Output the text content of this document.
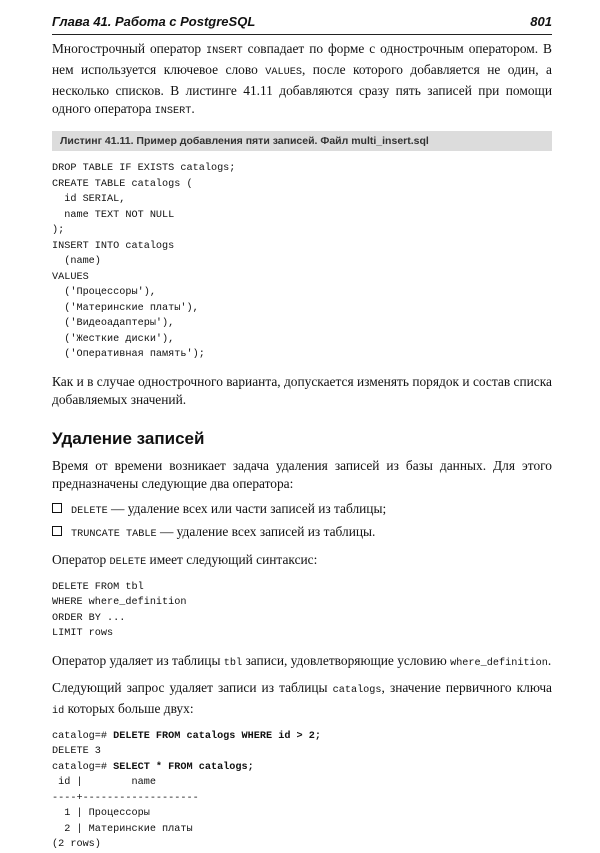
Глава 41. Работа с PostgreSQL	801

Многострочный оператор INSERT совпадает по форме с однострочным оператором. В нем используется ключевое слово VALUES, после которого добавляется не один, а несколько списков. В листинге 41.11 добавляются сразу пять записей при помощи одного оператора INSERT.

Листинг 41.11. Пример добавления пяти записей. Файл multi_insert.sql
DROP TABLE IF EXISTS catalogs;
CREATE TABLE catalogs (
id SERIAL,
name TEXT NOT NULL
);
INSERT INTO catalogs
(name)
VALUES
('Процессоры'),
('Материнские платы'),
('Видеоадаптеры'),
('Жесткие диски'),
('Оперативная память');

Как и в случае однострочного варианта, допускается изменять порядок и состав списка добавляемых значений.

Удаление записей

Время от времени возникает задача удаления записей из базы данных. Для этого предназначены следующие два оператора:

DELETE — удаление всех или части записей из таблицы;
TRUNCATE TABLE — удаление всех записей из таблицы.

Оператор DELETE имеет следующий синтаксис:

DELETE FROM tbl
WHERE where_definition
ORDER BY ...
LIMIT rows

Оператор удаляет из таблицы tbl записи, удовлетворяющие условию where_definition.

Следующий запрос удаляет записи из таблицы catalogs, значение первичного ключа id которых больше двух:

catalog=# DELETE FROM catalogs WHERE id > 2;
DELETE 3
catalog=# SELECT * FROM catalogs;
id |        name
----+-------------------
1 | Процессоры
2 | Материнские платы
(2 rows)
